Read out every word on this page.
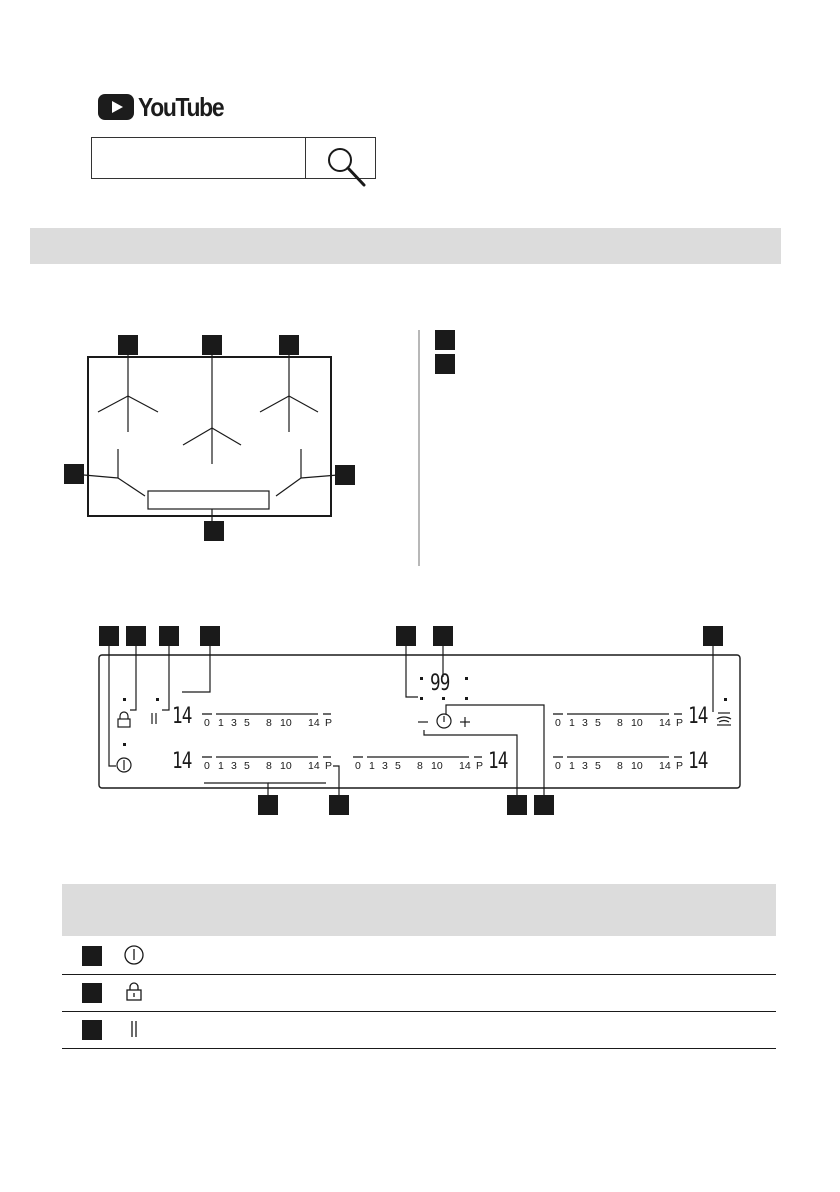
YouTube
14
14	14
14
14
99
0 1 3 5 8 10 14 P
0 1 3 5 8 10 14 P 0 1 3 5 8 10 14 P
0 1 3 5 8 10 14 P
0 1 3 5 8 10 14 P
